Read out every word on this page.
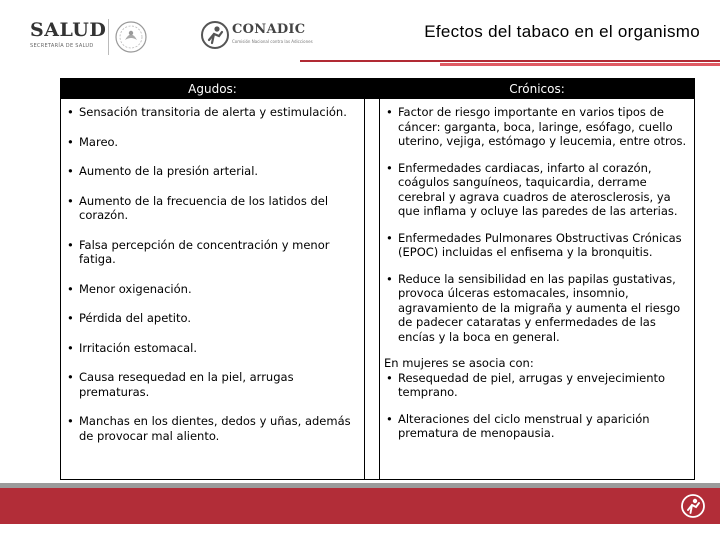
SALUD
SECRETARÍA DE SALUD
CONADIC
Comisión Nacional contra las Adicciones
Efectos del tabaco en el organismo
Agudos:
• Sensación transitoria de alerta y estimulación.
• Mareo.
• Aumento de la presión arterial.
• Aumento de la frecuencia de los latidos del corazón.
• Falsa percepción de concentración y menor fatiga.
• Menor oxigenación.
• Pérdida del apetito.
• Irritación estomacal.
• Causa resequedad en la piel, arrugas prematuras.
• Manchas en los dientes, dedos y uñas, además de provocar mal aliento.
Crónicos:
• Factor de riesgo importante en varios tipos de cáncer: garganta, boca, laringe, esófago, cuello uterino, vejiga, estómago y leucemia, entre otros.
• Enfermedades cardiacas, infarto al corazón, coágulos sanguíneos, taquicardia, derrame cerebral y agrava cuadros de aterosclerosis, ya que inflama y ocluye las paredes de las arterias.
• Enfermedades Pulmonares Obstructivas Crónicas (EPOC) incluidas el enfisema y la bronquitis.
• Reduce la sensibilidad en las papilas gustativas, provoca úlceras estomacales, insomnio, agravamiento de la migraña y aumenta el riesgo de padecer cataratas y enfermedades de las encías y la boca en general.
En mujeres se asocia con:
• Resequedad de piel, arrugas y envejecimiento temprano.
• Alteraciones del ciclo menstrual y aparición prematura de menopausia.
